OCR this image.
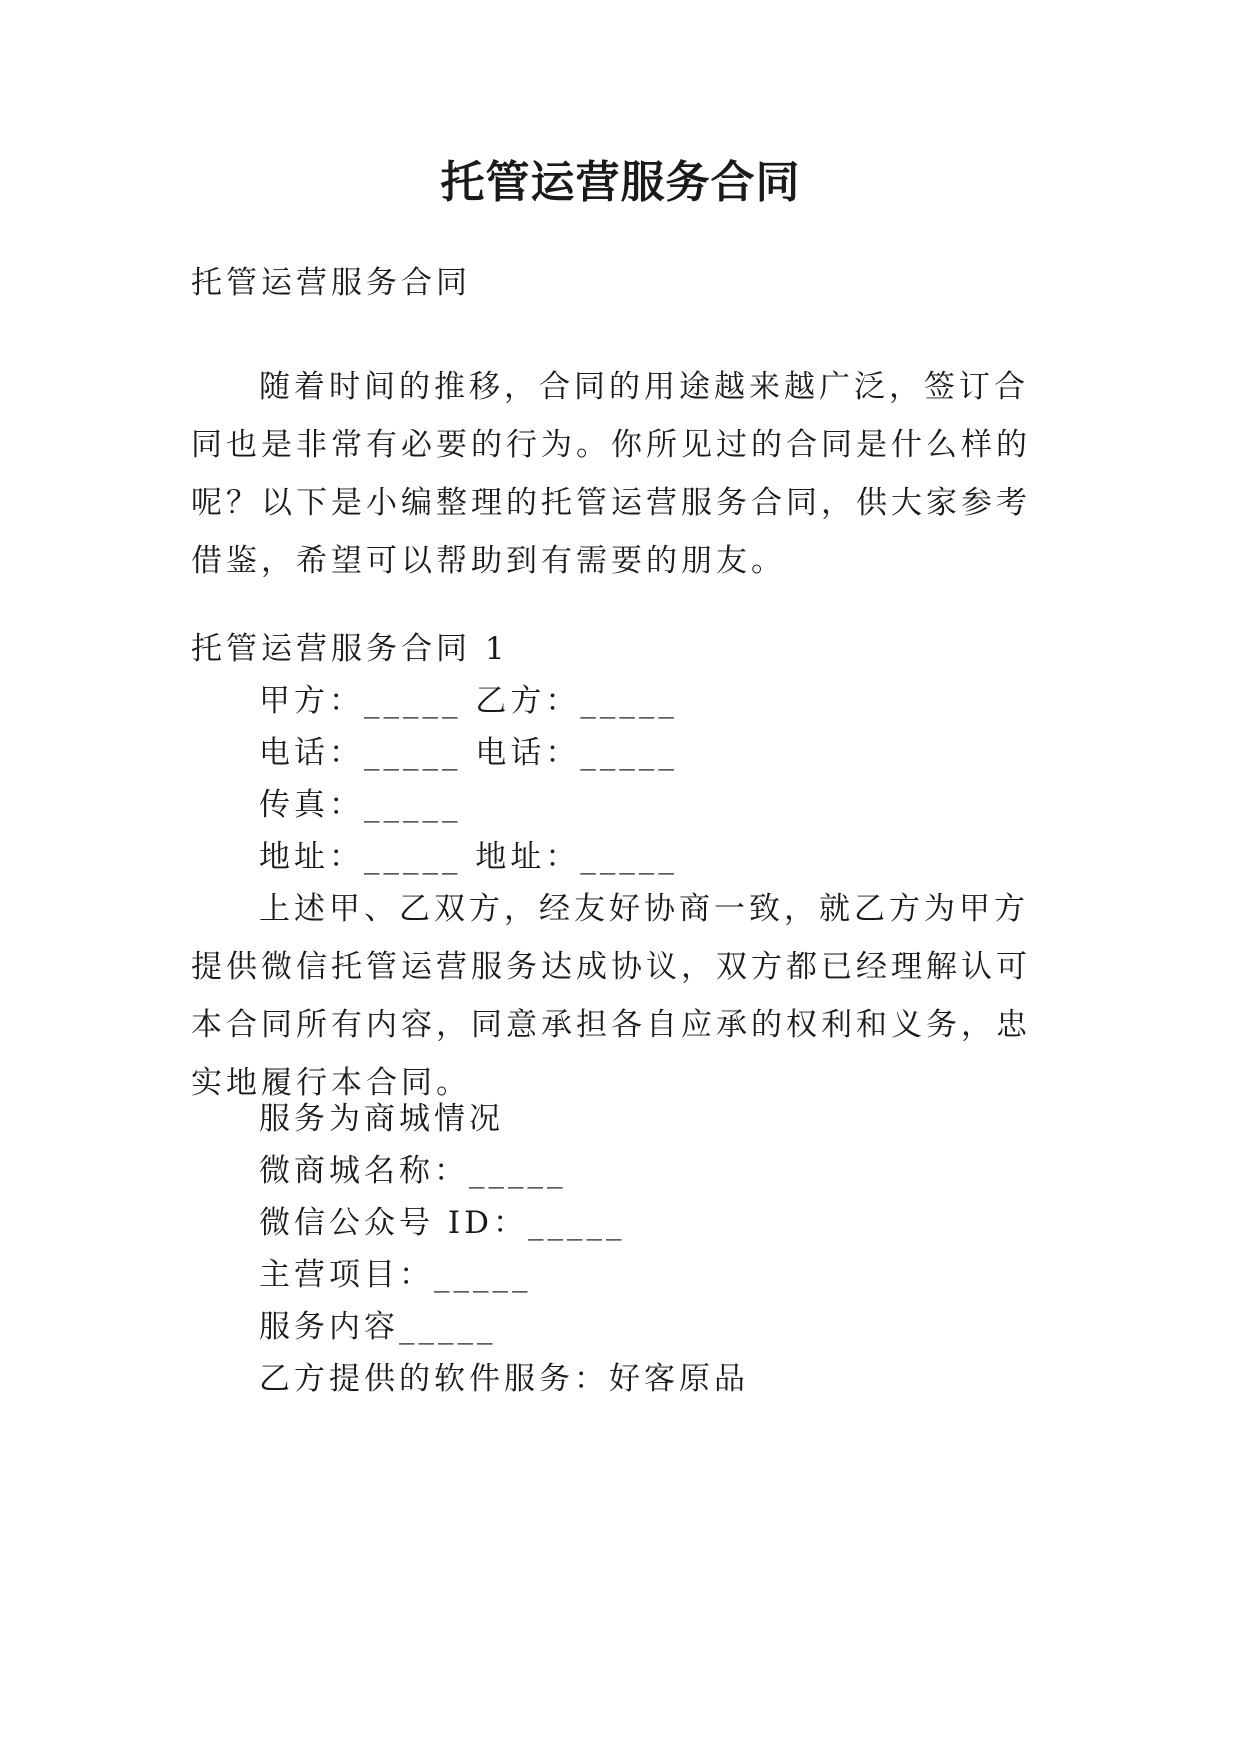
托管运营服务合同

托管运营服务合同

随着时间的推移，合同的用途越来越广泛，签订合同也是非常有必要的行为。你所见过的合同是什么样的呢？以下是小编整理的托管运营服务合同，供大家参考借鉴，希望可以帮助到有需要的朋友。

托管运营服务合同 1

甲方：_____ 乙方：_____

电话：_____ 电话：_____

传真：_____

地址：_____ 地址：_____

上述甲、乙双方，经友好协商一致，就乙方为甲方提供微信托管运营服务达成协议，双方都已经理解认可本合同所有内容，同意承担各自应承的权利和义务，忠实地履行本合同。

服务为商城情况

微商城名称：_____

微信公众号 ID：_____

主营项目：_____

服务内容_____

乙方提供的软件服务：好客原品
